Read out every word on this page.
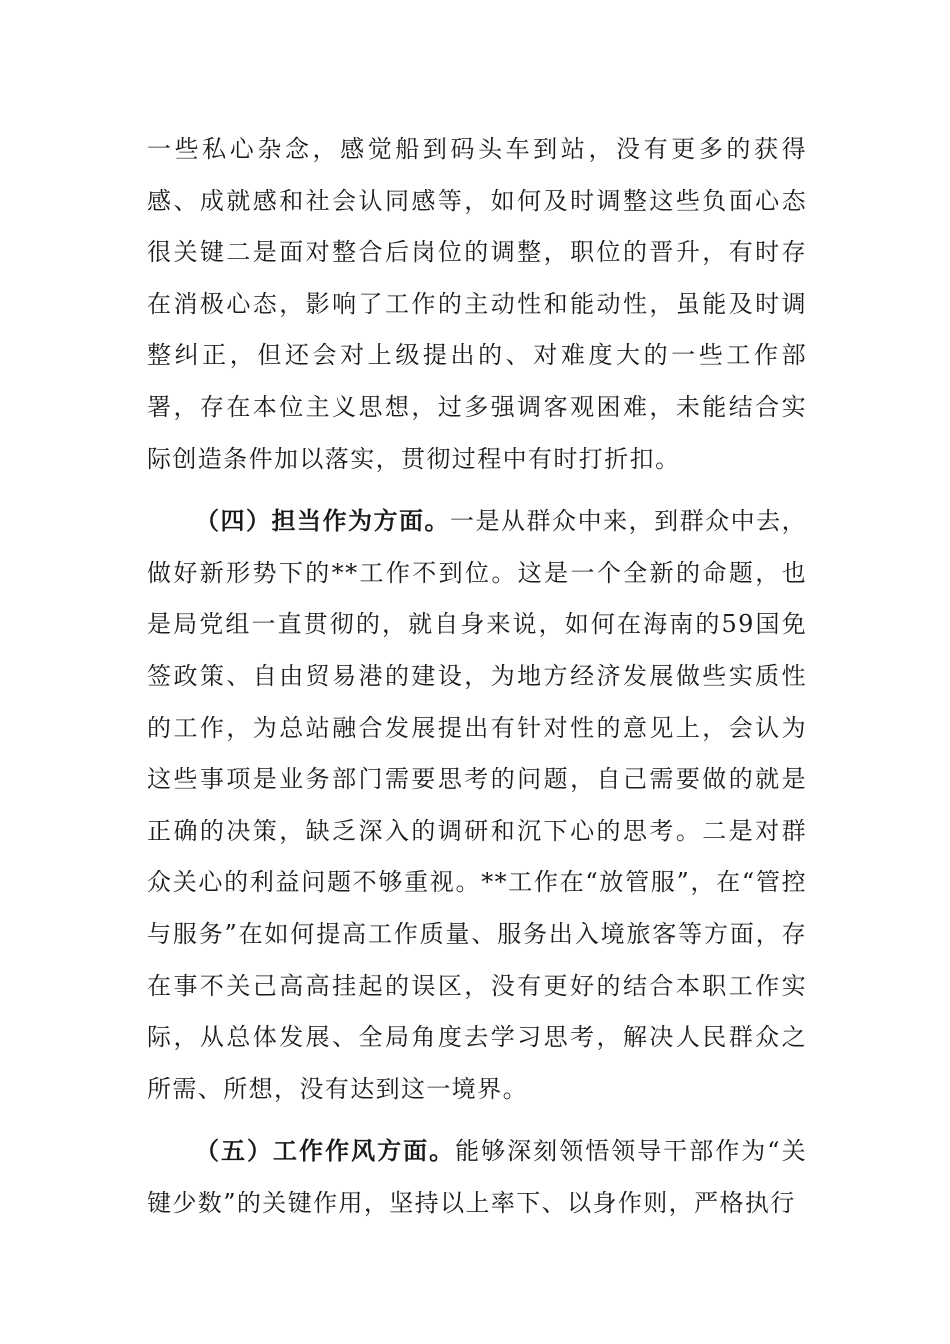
一些私心杂念，感觉船到码头车到站，没有更多的获得感、成就感和社会认同感等，如何及时调整这些负面心态很关键二是面对整合后岗位的调整，职位的晋升，有时存在消极心态，影响了工作的主动性和能动性，虽能及时调整纠正，但还会对上级提出的、对难度大的一些工作部署，存在本位主义思想，过多强调客观困难，未能结合实际创造条件加以落实，贯彻过程中有时打折扣。

（四）担当作为方面。一是从群众中来，到群众中去，做好新形势下的**工作不到位。这是一个全新的命题，也是局党组一直贯彻的，就自身来说，如何在海南的59国免签政策、自由贸易港的建设，为地方经济发展做些实质性的工作，为总站融合发展提出有针对性的意见上，会认为这些事项是业务部门需要思考的问题，自己需要做的就是正确的决策，缺乏深入的调研和沉下心的思考。二是对群众关心的利益问题不够重视。**工作在“放管服”，在“管控与服务”在如何提高工作质量、服务出入境旅客等方面，存在事不关己高高挂起的误区，没有更好的结合本职工作实际，从总体发展、全局角度去学习思考，解决人民群众之所需、所想，没有达到这一境界。

（五）工作作风方面。能够深刻领悟领导干部作为“关键少数”的关键作用，坚持以上率下、以身作则，严格执行
